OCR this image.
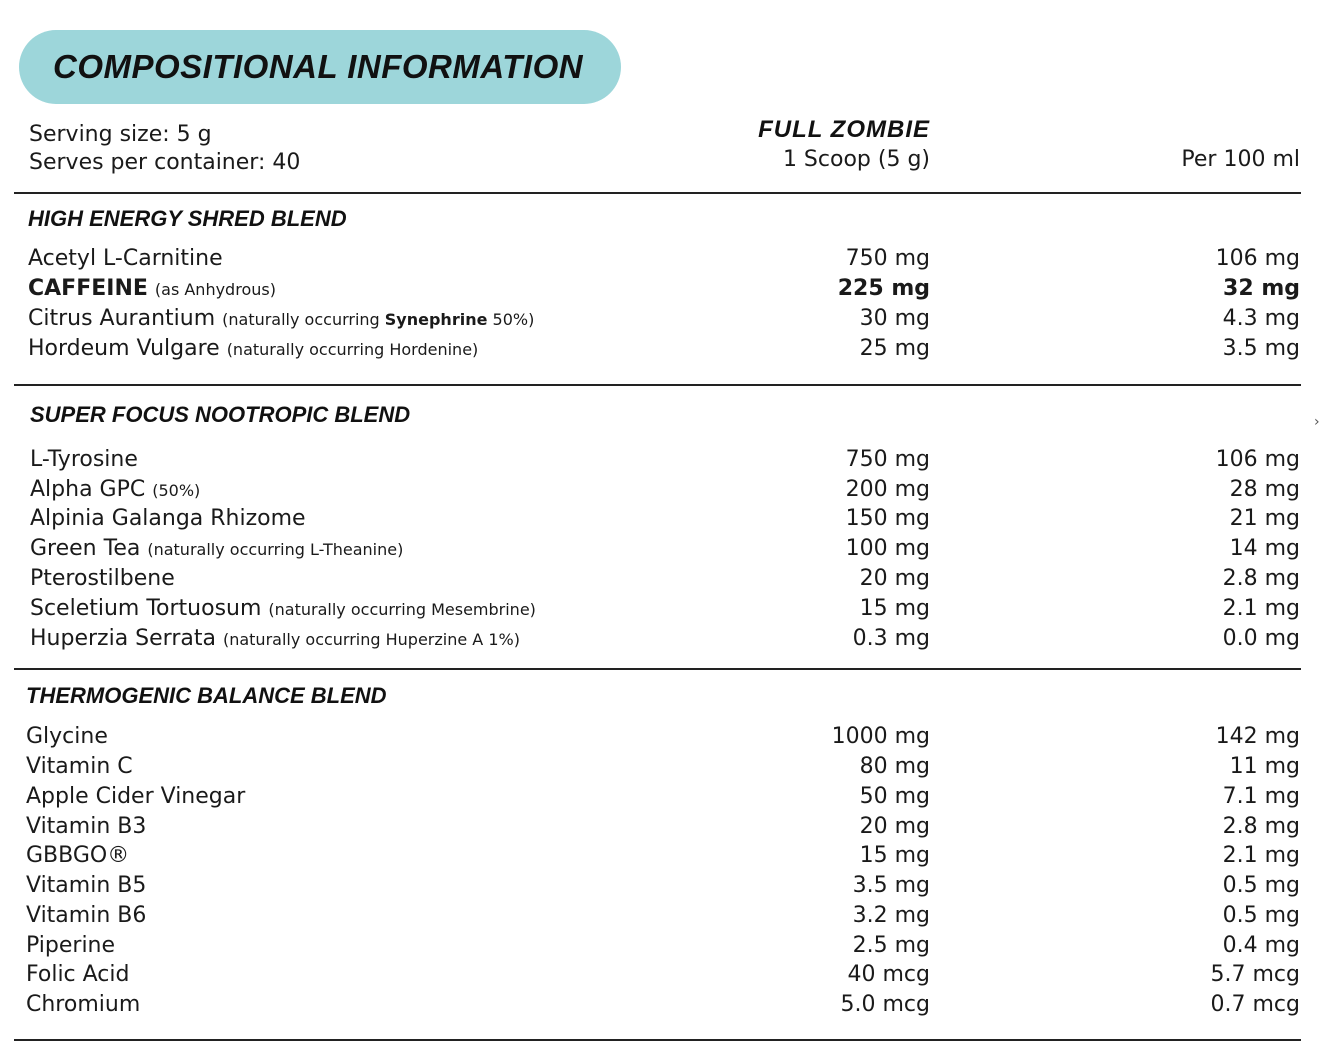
COMPOSITIONAL INFORMATION
Serving size: 5 g
Serves per container: 40
FULL ZOMBIE
1 Scoop (5 g)	Per 100 ml
HIGH ENERGY SHRED BLEND
Acetyl L-Carnitine	750 mg	106 mg
CAFFEINE (as Anhydrous)	225 mg	32 mg
Citrus Aurantium (naturally occurring Synephrine 50%)	30 mg	4.3 mg
Hordeum Vulgare (naturally occurring Hordenine)	25 mg	3.5 mg
SUPER FOCUS NOOTROPIC BLEND
L-Tyrosine	750 mg	106 mg
Alpha GPC (50%)	200 mg	28 mg
Alpinia Galanga Rhizome	150 mg	21 mg
Green Tea (naturally occurring L-Theanine)	100 mg	14 mg
Pterostilbene	20 mg	2.8 mg
Sceletium Tortuosum (naturally occurring Mesembrine)	15 mg	2.1 mg
Huperzia Serrata (naturally occurring Huperzine A 1%)	0.3 mg	0.0 mg
THERMOGENIC BALANCE BLEND
Glycine	1000 mg	142 mg
Vitamin C	80 mg	11 mg
Apple Cider Vinegar	50 mg	7.1 mg
Vitamin B3	20 mg	2.8 mg
GBBGO®	15 mg	2.1 mg
Vitamin B5	3.5 mg	0.5 mg
Vitamin B6	3.2 mg	0.5 mg
Piperine	2.5 mg	0.4 mg
Folic Acid	40 mcg	5.7 mcg
Chromium	5.0 mcg	0.7 mcg
›
